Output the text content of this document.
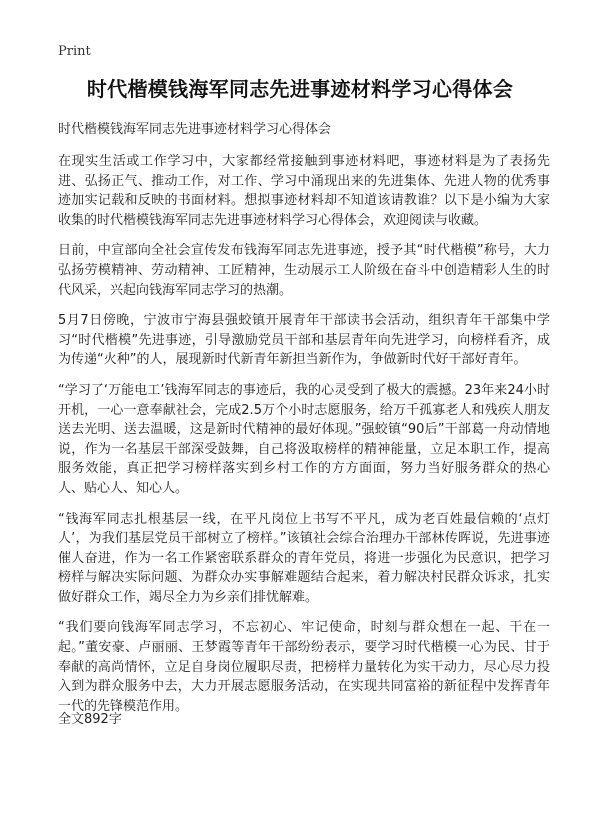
Print
时代楷模钱海军同志先进事迹材料学习心得体会
时代楷模钱海军同志先进事迹材料学习心得体会

在现实生活或工作学习中，大家都经常接触到事迹材料吧，事迹材料是为了表扬先进、弘扬正气、推动工作，对工作、学习中涌现出来的先进集体、先进人物的优秀事迹加实记载和反映的书面材料。想拟事迹材料却不知道该请教谁？以下是小编为大家收集的时代楷模钱海军同志先进事迹材料学习心得体会，欢迎阅读与收藏。

日前，中宣部向全社会宣传发布钱海军同志先进事迹，授予其“时代楷模”称号，大力弘扬劳模精神、劳动精神、工匠精神，生动展示工人阶级在奋斗中创造精彩人生的时代风采，兴起向钱海军同志学习的热潮。

5月7日傍晚，宁波市宁海县强蛟镇开展青年干部读书会活动，组织青年干部集中学习“时代楷模”先进事迹，引导激励党员干部和基层青年向先进学习，向榜样看齐，成为传递“火种”的人，展现新时代新青年新担当新作为，争做新时代好干部好青年。

“学习了‘万能电工’钱海军同志的事迹后，我的心灵受到了极大的震撼。23年来24小时开机，一心一意奉献社会，完成2.5万个小时志愿服务，给万千孤寡老人和残疾人朋友送去光明、送去温暖，这是新时代精神的最好体现。”强蛟镇“90后”干部葛一舟动情地说，作为一名基层干部深受鼓舞，自己将汲取榜样的精神能量，立足本职工作，提高服务效能，真正把学习榜样落实到乡村工作的方方面面，努力当好服务群众的热心人、贴心人、知心人。

“钱海军同志扎根基层一线，在平凡岗位上书写不平凡，成为老百姓最信赖的‘点灯人’，为我们基层党员干部树立了榜样。”该镇社会综合治理办干部林传晖说，先进事迹催人奋进，作为一名工作紧密联系群众的青年党员，将进一步强化为民意识，把学习榜样与解决实际问题、为群众办实事解难题结合起来，着力解决村民群众诉求，扎实做好群众工作，竭尽全力为乡亲们排忧解难。

“我们要向钱海军同志学习，不忘初心、牢记使命，时刻与群众想在一起、干在一起。”董安豪、卢丽丽、王梦霞等青年干部纷纷表示，要学习时代楷模一心为民、甘于奉献的高尚情怀，立足自身岗位履职尽责，把榜样力量转化为实干动力，尽心尽力投入到为群众服务中去，大力开展志愿服务活动，在实现共同富裕的新征程中发挥青年一代的先锋模范作用。

全文892字
